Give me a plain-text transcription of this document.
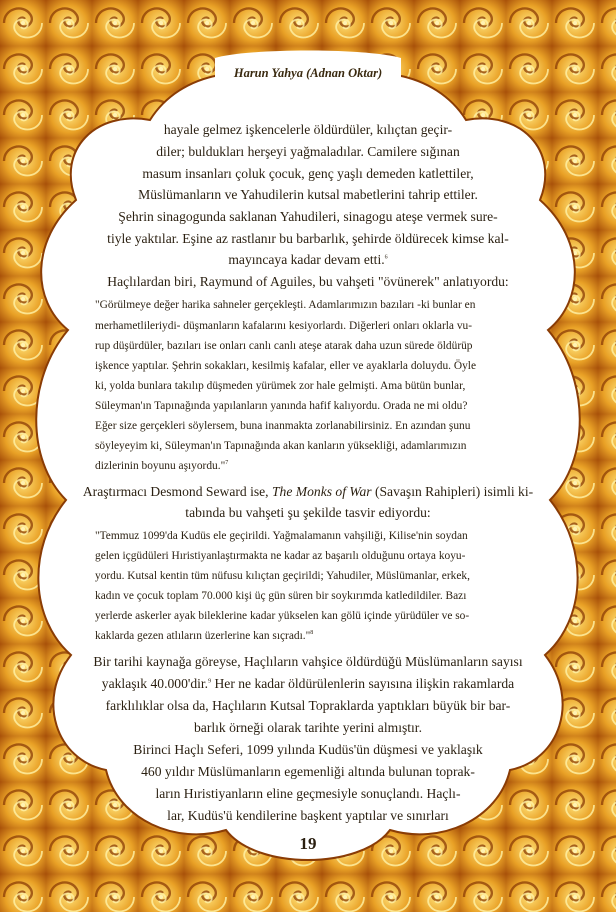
Harun Yahya (Adnan Oktar)
hayale gelmez işkencelerle öldürdüler, kılıçtan geçir-
diler; buldukları herşeyi yağmaladılar. Camilere sığınan
masum insanları çoluk çocuk, genç yaşlı demeden katlettiler,
Müslümanların ve Yahudilerin kutsal mabetlerini tahrip ettiler.
Şehrin sinagogunda saklanan Yahudileri, sinagogu ateşe vermek sure-
tiyle yaktılar. Eşine az rastlanır bu barbarlık, şehirde öldürecek kimse kal-
mayıncaya kadar devam etti.$^6$
Haçlılardan biri, Raymund of Aguiles, bu vahşeti "övünerek" anlatıyordu:
"Görülmeye değer harika sahneler gerçekleşti. Adamlarımızın bazıları -ki bunlar en
merhametlileriydi- düşmanların kafalarını kesiyorlardı. Diğerleri onları oklarla vu-
rup düşürdüler, bazıları ise onları canlı canlı ateşe atarak daha uzun sürede öldürüp
işkence yaptılar. Şehrin sokakları, kesilmiş kafalar, eller ve ayaklarla doluydu. Öyle
ki, yolda bunlara takılıp düşmeden yürümek zor hale gelmişti. Ama bütün bunlar,
Süleyman'ın Tapınağında yapılanların yanında hafif kalıyordu. Orada ne mi oldu?
Eğer size gerçekleri söylersem, buna inanmakta zorlanabilirsiniz. En azından şunu
söyleyeyim ki, Süleyman'ın Tapınağında akan kanların yüksekliği, adamlarımızın
dizlerinin boyunu aşıyordu."$^7$
Araştırmacı Desmond Seward ise, The Monks of War (Savaşın Rahipleri) isimli ki-
tabında bu vahşeti şu şekilde tasvir ediyordu:
"Temmuz 1099'da Kudüs ele geçirildi. Yağmalamanın vahşiliği, Kilise'nin soydan
gelen içgüdüleri Hıristiyanlaştırmakta ne kadar az başarılı olduğunu ortaya koyu-
yordu. Kutsal kentin tüm nüfusu kılıçtan geçirildi; Yahudiler, Müslümanlar, erkek,
kadın ve çocuk toplam 70.000 kişi üç gün süren bir soykırımda katledildiler. Bazı
yerlerde askerler ayak bileklerine kadar yükselen kan gölü içinde yürüdüler ve so-
kaklarda gezen atlıların üzerlerine kan sıçradı."$^8$
Bir tarihi kaynağa göreyse, Haçlıların vahşice öldürdüğü Müslümanların sayısı
yaklaşık 40.000'dir.$^9$ Her ne kadar öldürülenlerin sayısına ilişkin rakamlarda
farklılıklar olsa da, Haçlıların Kutsal Topraklarda yaptıkları büyük bir bar-
barlık örneği olarak tarihte yerini almıştır.
Birinci Haçlı Seferi, 1099 yılında Kudüs'ün düşmesi ve yaklaşık
460 yıldır Müslümanların egemenliği altında bulunan toprak-
ların Hıristiyanların eline geçmesiyle sonuçlandı. Haçlı-
lar, Kudüs'ü kendilerine başkent yaptılar ve sınırları
19
